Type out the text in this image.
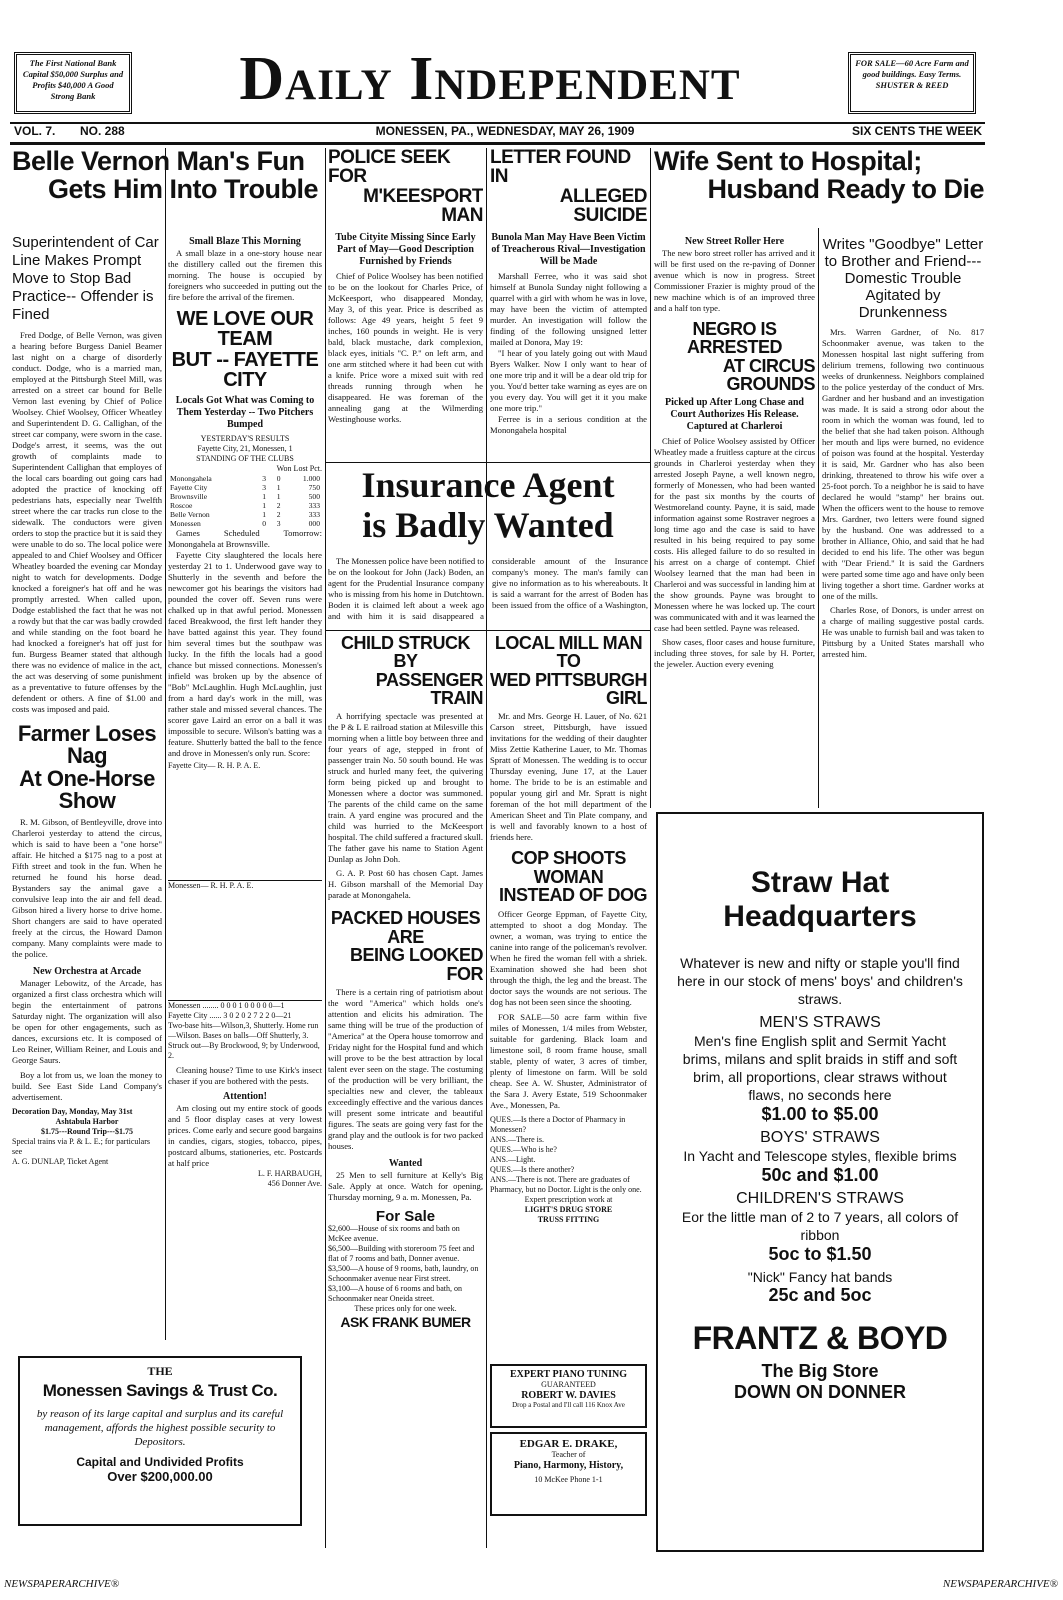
The First National Bank Capital $50,000 Surplus and Profits $40,000 A Good Strong Bank	Daily Independent	FOR SALE—60 Acre Farm and good buildings. Easy Terms. SHUSTER & REED
VOL. 7.	NO. 288	MONESSEN, PA., WEDNESDAY, MAY 26, 1909	SIX CENTS THE WEEK
Belle Vernon Man's Fun
Gets Him Into Trouble
Superintendent of Car Line Makes Prompt Move to Stop Bad Practice-- Offender is Fined
Fred Dodge, of Belle Vernon, was given a hearing before Burgess Daniel Beamer last night on a charge of disorderly conduct. Dodge, who is a married man, employed at the Pittsburgh Steel Mill, was arrested on a street car bound for Belle Vernon last evening by Chief of Police Woolsey. Chief Woolsey, Officer Wheatley and Superintendent D. G. Callighan, of the street car company, were sworn in the case. Dodge's arrest, it seems, was the out growth of complaints made to Superintendent Callighan that employes of the local cars boarding out going cars had adopted the practice of knocking off pedestrians hats, especially near Twelfth street where the car tracks run close to the sidewalk. The conductors were given orders to stop the practice but it is said they were unable to do so. The local police were appealed to and Chief Woolsey and Officer Wheatley boarded the evening car Monday night to watch for developments. Dodge knocked a foreigner's hat off and he was promptly arrested. When called upon, Dodge established the fact that he was not a rowdy but that the car was badly crowded and while standing on the foot board he had knocked a foreigner's hat off just for fun. Burgess Beamer stated that although there was no evidence of malice in the act, the act was deserving of some punishment as a preventative to future offenses by the defendent or others. A fine of $1.00 and costs was imposed and paid.
Farmer Loses Nag
At One-Horse Show
R. M. Gibson, of Bentleyville, drove into Charleroi yesterday to attend the circus, which is said to have been a "one horse" affair. He hitched a $175 nag to a post at Fifth street and took in the fun. When he returned he found his horse dead. Bystanders say the animal gave a convulsive leap into the air and fell dead. Gibson hired a livery horse to drive home. Short changers are said to have operated freely at the circus, the Howard Damon company. Many complaints were made to the police.
New Orchestra at Arcade
Manager Lebowitz, of the Arcade, has organized a first class orchestra which will begin the entertainment of patrons Saturday night. The organization will also be open for other engagements, such as dances, excursions etc. It is composed of Leo Reiner, William Reiner, and Louis and George Saurs.
Boy a lot from us, we loan the money to build. See East Side Land Company's advertisement.
Decoration Day, Monday, May 31st
Ashtabula Harbor
$1.75---Round Trip---$1.75
Special trains via P. & L. E.; for particulars see
A. G. DUNLAP, Ticket Agent
THE
Monessen Savings & Trust Co.
by reason of its large capital and surplus and its careful management, affords the highest possible security to Depositors.
Capital and Undivided Profits
Over $200,000.00
Small Blaze This Morning
A small blaze in a one-story house near the distillery called out the firemen this morning. The house is occupied by foreigners who succeeded in putting out the fire before the arrival of the firemen.
WE LOVE OUR TEAM
BUT -- FAYETTE CITY
Locals Got What was Coming to Them Yesterday -- Two Pitchers Bumped
YESTERDAY'S RESULTS
Fayette City, 21, Monessen, 1
STANDING OF THE CLUBS
Won Lost Pct.
Monongahela	3	0	1.000
Fayette City	3	1	750
Brownsville	1	1	500
Roscoe	1	2	333
Belle Vernon	1	2	333
Monessen	0	3	000
Games Scheduled Tomorrow: Monongahela at Brownsville.
Fayette City slaughtered the locals here yesterday 21 to 1. Underwood gave way to Shutterly in the seventh and before the newcomer got his bearings the visitors had pounded the cover off. Seven runs were chalked up in that awful period. Monessen faced Breakwood, the first left hander they have batted against this year. They found him several times but the southpaw was lucky. In the fifth the locals had a good chance but missed connections. Monessen's infield was broken up by the absence of "Bob" McLaughlin. Hugh McLaughlin, just from a hard day's work in the mill, was rather stale and missed several chances. The scorer gave Laird an error on a ball it was impossible to secure. Wilson's batting was a feature. Shutterly batted the ball to the fence and drove in Monessen's only run. Score:
Fayette City— R. H. P. A. E.
Monessen— R. H. P. A. E.
Monessen ........ 0 0 0 1 0 0 0 0 0—1
Fayette City ...... 3 0 2 0 2 7 2 2 0—21
Two-base hits—Wilson,3, Shutterly. Home run—Wilson. Bases on balls—Off Shutterly, 3. Struck out—By Brockwood, 9; by Underwood, 2.
Cleaning house? Time to use Kirk's insect chaser if you are bothered with the pests.
Attention!
Am closing out my entire stock of goods and 5 floor display cases at very lowest prices. Come early and secure good bargains in candies, cigars, stogies, tobacco, pipes, postcard albums, stationeries, etc. Postcards at half price
L. F. HARBAUGH,
456 Donner Ave.
POLICE SEEK FOR
M'KEESPORT MAN
Tube Cityite Missing Since Early Part of May—Good Description Furnished by Friends
Chief of Police Woolsey has been notified to be on the lookout for Charles Price, of McKeesport, who disappeared Monday, May 3, of this year. Price is described as follows: Age 49 years, height 5 feet 9 inches, 160 pounds in weight. He is very bald, black mustache, dark complexion, black eyes, initials "C. P." on left arm, and one arm stitched where it had been cut with a knife. Price wore a mixed suit with red threads running through when he disappeared. He was foreman of the annealing gang at the Wilmerding Westinghouse works.
LETTER FOUND IN
ALLEGED SUICIDE
Bunola Man May Have Been Victim of Treacherous Rival—Investigation Will be Made
Marshall Ferree, who it was said shot himself at Bunola Sunday night following a quarrel with a girl with whom he was in love, may have been the victim of attempted murder. An investigation will follow the finding of the following unsigned letter mailed at Donora, May 19:
"I hear of you lately going out with Maud Byers Walker. Now I only want to hear of one more trip and it will be a dear old trip for you. You'd better take warning as eyes are on you every day. You will get it it you make one more trip."
Ferree is in a serious condition at the Monongahela hospital
Insurance Agent
is Badly Wanted
The Monessen police have been notified to be on the lookout for John (Jack) Boden, an agent for the Prudential Insurance company who is missing from his home in Dutchtown. Boden it is claimed left about a week ago and with him it is said disappeared a considerable amount of the Insurance company's money. The man's family can give no information as to his whereabouts. It is said a warrant for the arrest of Boden has been issued from the office of a Washington,
CHILD STRUCK BY
PASSENGER TRAIN
A horrifying spectacle was presented at the P & L E railroad station at Milesville this morning when a little boy between three and four years of age, stepped in front of passenger train No. 50 south bound. He was struck and hurled many feet, the quivering form being picked up and brought to Monessen where a doctor was summoned. The parents of the child came on the same train. A yard engine was procured and the child was hurried to the McKeesport hospital. The child suffered a fractured skull. The father gave his name to Station Agent Dunlap as John Doh.
G. A. P. Post 60 has chosen Capt. James H. Gibson marshall of the Memorial Day parade at Monongahela.
PACKED HOUSES ARE
BEING LOOKED FOR
There is a certain ring of patriotism about the word "America" which holds one's attention and elicits his admiration. The same thing will be true of the production of "America" at the Opera house tomorrow and Friday night for the Hospital fund and which will prove to be the best attraction by local talent ever seen on the stage. The costuming of the production will be very brilliant, the specialties new and clever, the tableaux exceedingly effective and the various dances will present some intricate and beautiful figures. The seats are going very fast for the grand play and the outlook is for two packed houses.
Wanted
25 Men to sell furniture at Kelly's Big Sale. Apply at once. Watch for opening, Thursday morning, 9 a. m. Monessen, Pa.
For Sale
$2,600—House of six rooms and bath on McKee avenue.
$6,500—Building with storeroom 75 feet and flat of 7 rooms and bath, Donner avenue.
$3,500—A house of 9 rooms, bath, laundry, on Schoonmaker avenue near First street.
$3,100—A house of 6 rooms and bath, on Schoonmaker near Oneida street.
These prices only for one week.
ASK FRANK BUMER
LOCAL MILL MAN TO
WED PITTSBURGH GIRL
Mr. and Mrs. George H. Lauer, of No. 621 Carson street, Pittsburgh, have issued invitations for the wedding of their daughter Miss Zettie Katherine Lauer, to Mr. Thomas Spratt of Monessen. The wedding is to occur Thursday evening, June 17, at the Lauer home. The bride to be is an estimable and popular young girl and Mr. Spratt is night foreman of the hot mill department of the American Sheet and Tin Plate company, and is well and favorably known to a host of friends here.
COP SHOOTS WOMAN
INSTEAD OF DOG
Officer George Eppman, of Fayette City, attempted to shoot a dog Monday. The owner, a woman, was trying to entice the canine into range of the policeman's revolver. When he fired the woman fell with a shriek. Examination showed she had been shot through the thigh, the leg and the breast. The doctor says the wounds are not serious. The dog has not been seen since the shooting.
FOR SALE—50 acre farm within five miles of Monessen, 1/4 miles from Webster, suitable for gardening. Black loam and limestone soil, 8 room frame house, small stable, plenty of water, 3 acres of timber, plenty of limestone on farm. Will be sold cheap. See A. W. Shuster, Administrator of the Sara J. Avery Estate, 519 Schoonmaker Ave., Monessen, Pa.
QUES.—Is there a Doctor of Pharmacy in Monessen?
ANS.—There is.
QUES.—Who is he?
ANS.—Light.
QUES.—Is there another?
ANS.—There is not. There are graduates of Pharmacy, but no Doctor. Light is the only one.
Expert prescription work at
LIGHT'S DRUG STORE
TRUSS FITTING
EXPERT PIANO TUNING
GUARANTEED
ROBERT W. DAVIES
Drop a Postal and I'll call 116 Knox Ave
EDGAR E. DRAKE,
Teacher of
Piano, Harmony, History,
10 McKee Phone 1-1
Wife Sent to Hospital;
Husband Ready to Die
New Street Roller Here
The new boro street roller has arrived and it will be first used on the re-paving of Donner avenue which is now in progress. Street Commissioner Frazier is mighty proud of the new machine which is of an improved three and a half ton type.
NEGRO IS ARRESTED
AT CIRCUS GROUNDS
Picked up After Long Chase and Court Authorizes His Release. Captured at Charleroi
Chief of Police Woolsey assisted by Officer Wheatley made a fruitless capture at the circus grounds in Charleroi yesterday when they arrested Joseph Payne, a well known negro, formerly of Monessen, who had been wanted for the past six months by the courts of Westmoreland county. Payne, it is said, made information against some Rostraver negroes a long time ago and the case is said to have resulted in his being required to pay some costs. His alleged failure to do so resulted in his arrest on a charge of contempt. Chief Woolsey learned that the man had been in Charleroi and was successful in landing him at the show grounds. Payne was brought to Monessen where he was locked up. The court was communicated with and it was learned the case had been settled. Payne was released.
Show cases, floor cases and house furniture, including three stoves, for sale by H. Porter, the jeweler. Auction every evening
Writes "Goodbye" Letter to Brother and Friend--- Domestic Trouble Agitated by Drunkenness
Mrs. Warren Gardner, of No. 817 Schoonmaker avenue, was taken to the Monessen hospital last night suffering from delirium tremens, following two continuous weeks of drunkenness. Neighbors complained to the police yesterday of the conduct of Mrs. Gardner and her husband and an investigation was made. It is said a strong odor about the room in which the woman was found, led to the belief that she had taken poison. Although her mouth and lips were burned, no evidence of poison was found at the hospital. Yesterday it is said, Mr. Gardner who has also been drinking, threatened to throw his wife over a 25-foot porch. To a neighbor he is said to have declared he would "stamp" her brains out. When the officers went to the house to remove Mrs. Gardner, two letters were found signed by the husband. One was addressed to a brother in Alliance, Ohio, and said that he had decided to end his life. The other was begun with "Dear Friend." It is said the Gardners were parted some time ago and have only been living together a short time. Gardner works at one of the mills.
Charles Rose, of Donors, is under arrest on a charge of mailing suggestive postal cards. He was unable to furnish bail and was taken to Pittsburg by a United States marshall who arrested him.
Straw Hat
Headquarters
Whatever is new and nifty or staple you'll find here in our stock of mens' boys' and children's straws.
MEN'S STRAWS
Men's fine English split and Sermit Yacht brims, milans and split braids in stiff and soft brim, all proportions, clear straws without flaws, no seconds here
$1.00 to $5.00
BOYS' STRAWS
In Yacht and Telescope styles, flexible brims
50c and $1.00
CHILDREN'S STRAWS
Eor the little man of 2 to 7 years, all colors of ribbon
5oc to $1.50
"Nick" Fancy hat bands
25c and 5oc
FRANTZ & BOYD
The Big Store
DOWN ON DONNER
NEWSPAPERARCHIVE®	NEWSPAPERARCHIVE®
